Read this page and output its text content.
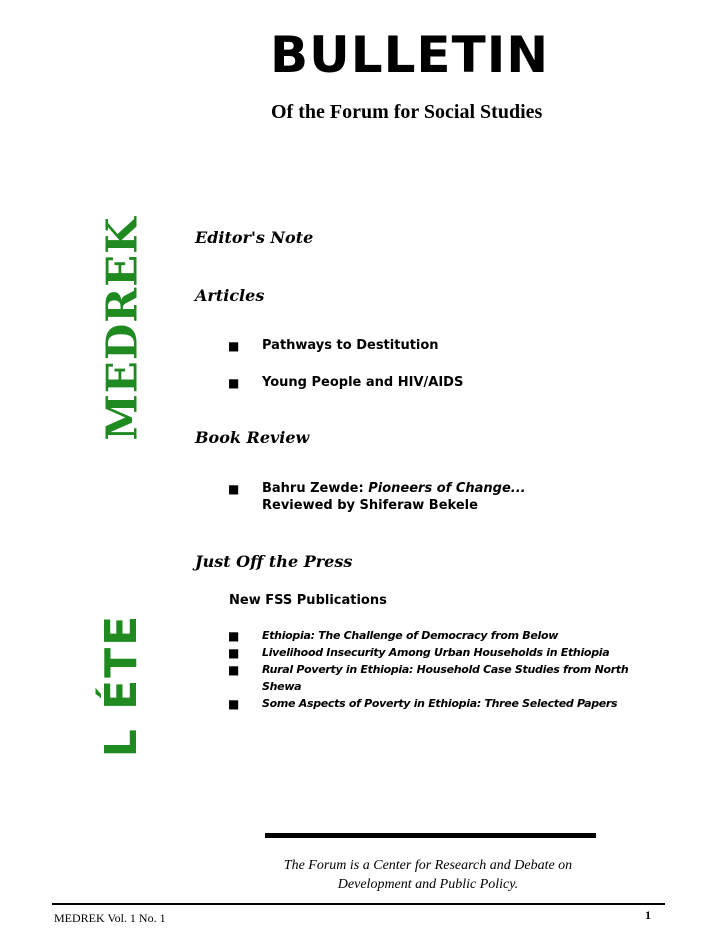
BULLETIN
Of the Forum for Social Studies
MEDREK
L ÉTΕ
Editor's Note
Articles
■ Pathways to Destitution
■ Young People and HIV/AIDS
Book Review
■ Bahru Zewde: Pioneers of Change...
Reviewed by Shiferaw Bekele
Just Off the Press
New FSS Publications
■ Ethiopia: The Challenge of Democracy from Below
■ Livelihood Insecurity Among Urban Households in Ethiopia
■ Rural Poverty in Ethiopia: Household Case Studies from North Shewa
■ Some Aspects of Poverty in Ethiopia: Three Selected Papers
The Forum is a Center for Research and Debate on Development and Public Policy.
MEDREK Vol. 1 No. 1	1
